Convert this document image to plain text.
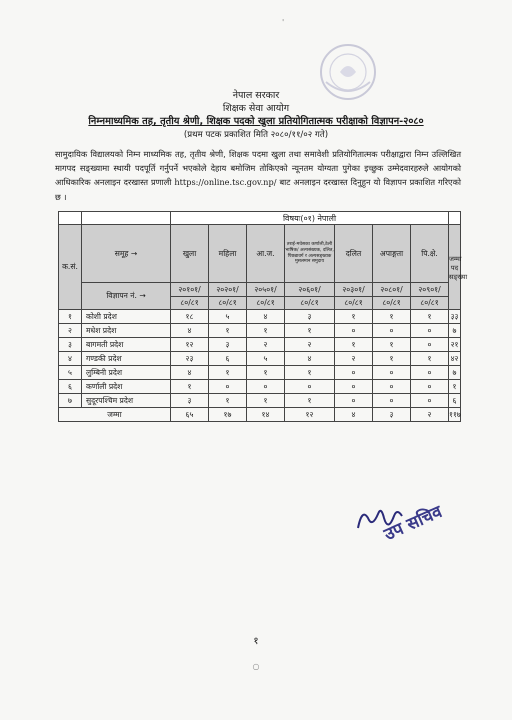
ꞌ
नेपाल सरकार
शिक्षक सेवा आयोग
निम्नमाध्यमिक तह, तृतीय श्रेणी, शिक्षक पदको खुला प्रतियोगितात्मक परीक्षाको विज्ञापन-२०८०
(प्रथम पटक प्रकाशित मिति २०८०/११/०२ गते)
सामुदायिक विद्यालयको निम्न माध्यमिक तह, तृतीय श्रेणी, शिक्षक पदमा खुला तथा समावेशी प्रतियोगितात्मक परीक्षाद्वारा निम्न उल्लिखित मागपद सङ्ख्यामा स्थायी पदपूर्ति गर्नुपर्ने भएकोले देहाय बमोजिम तोकिएको न्यूनतम योग्यता पुगेका इच्छुक उम्मेदवारहरुले आयोगको आधिकारिक अनलाइन दरखास्त प्रणाली https://online.tsc.gov.np/ बाट अनलाइन दरखास्त दिनुहुन यो विज्ञापन प्रकाशित गरिएको छ ।
		विषयः(०१) नेपाली							
क.सं.	समूह →	खुला	महिला	आ.ज.	तराई-मधेसका कर्णाली,ठेली भाषिक/ अल्पसंख्यक, दलित, पिछडावर्ग र अल्पसङ्ख्यक मुसलमान समुदाय	दलित	अपाङ्गता	पि.क्षे.	जम्मा पद सङ्ख्या
	विज्ञापन नं. →	२०१०१/
८०/८१	२०२०१/
८०/८१	२०५०१/
८०/८१	२०६०१/
८०/८१	२०३०१/
८०/८१	२०८०१/
८०/८१	२०९०१/
८०/८१	

१	कोशी प्रदेश	१८	५	४	३	१	१	१	३३
२	मधेश प्रदेश	४	१	१	१	०	०	०	७
३	बागमती प्रदेश	१२	३	२	२	१	१	०	२१
४	गण्डकी प्रदेश	२३	६	५	४	२	१	१	४२
५	लुम्बिनी प्रदेश	४	१	१	१	०	०	०	७
६	कर्णाली प्रदेश	१	०	०	०	०	०	०	१
७	सुदूरपश्चिम प्रदेश	३	१	१	१	०	०	०	६
जम्मा		६५	१७	१४	१२	४	३	२	११७
उप सचिव
१
○
